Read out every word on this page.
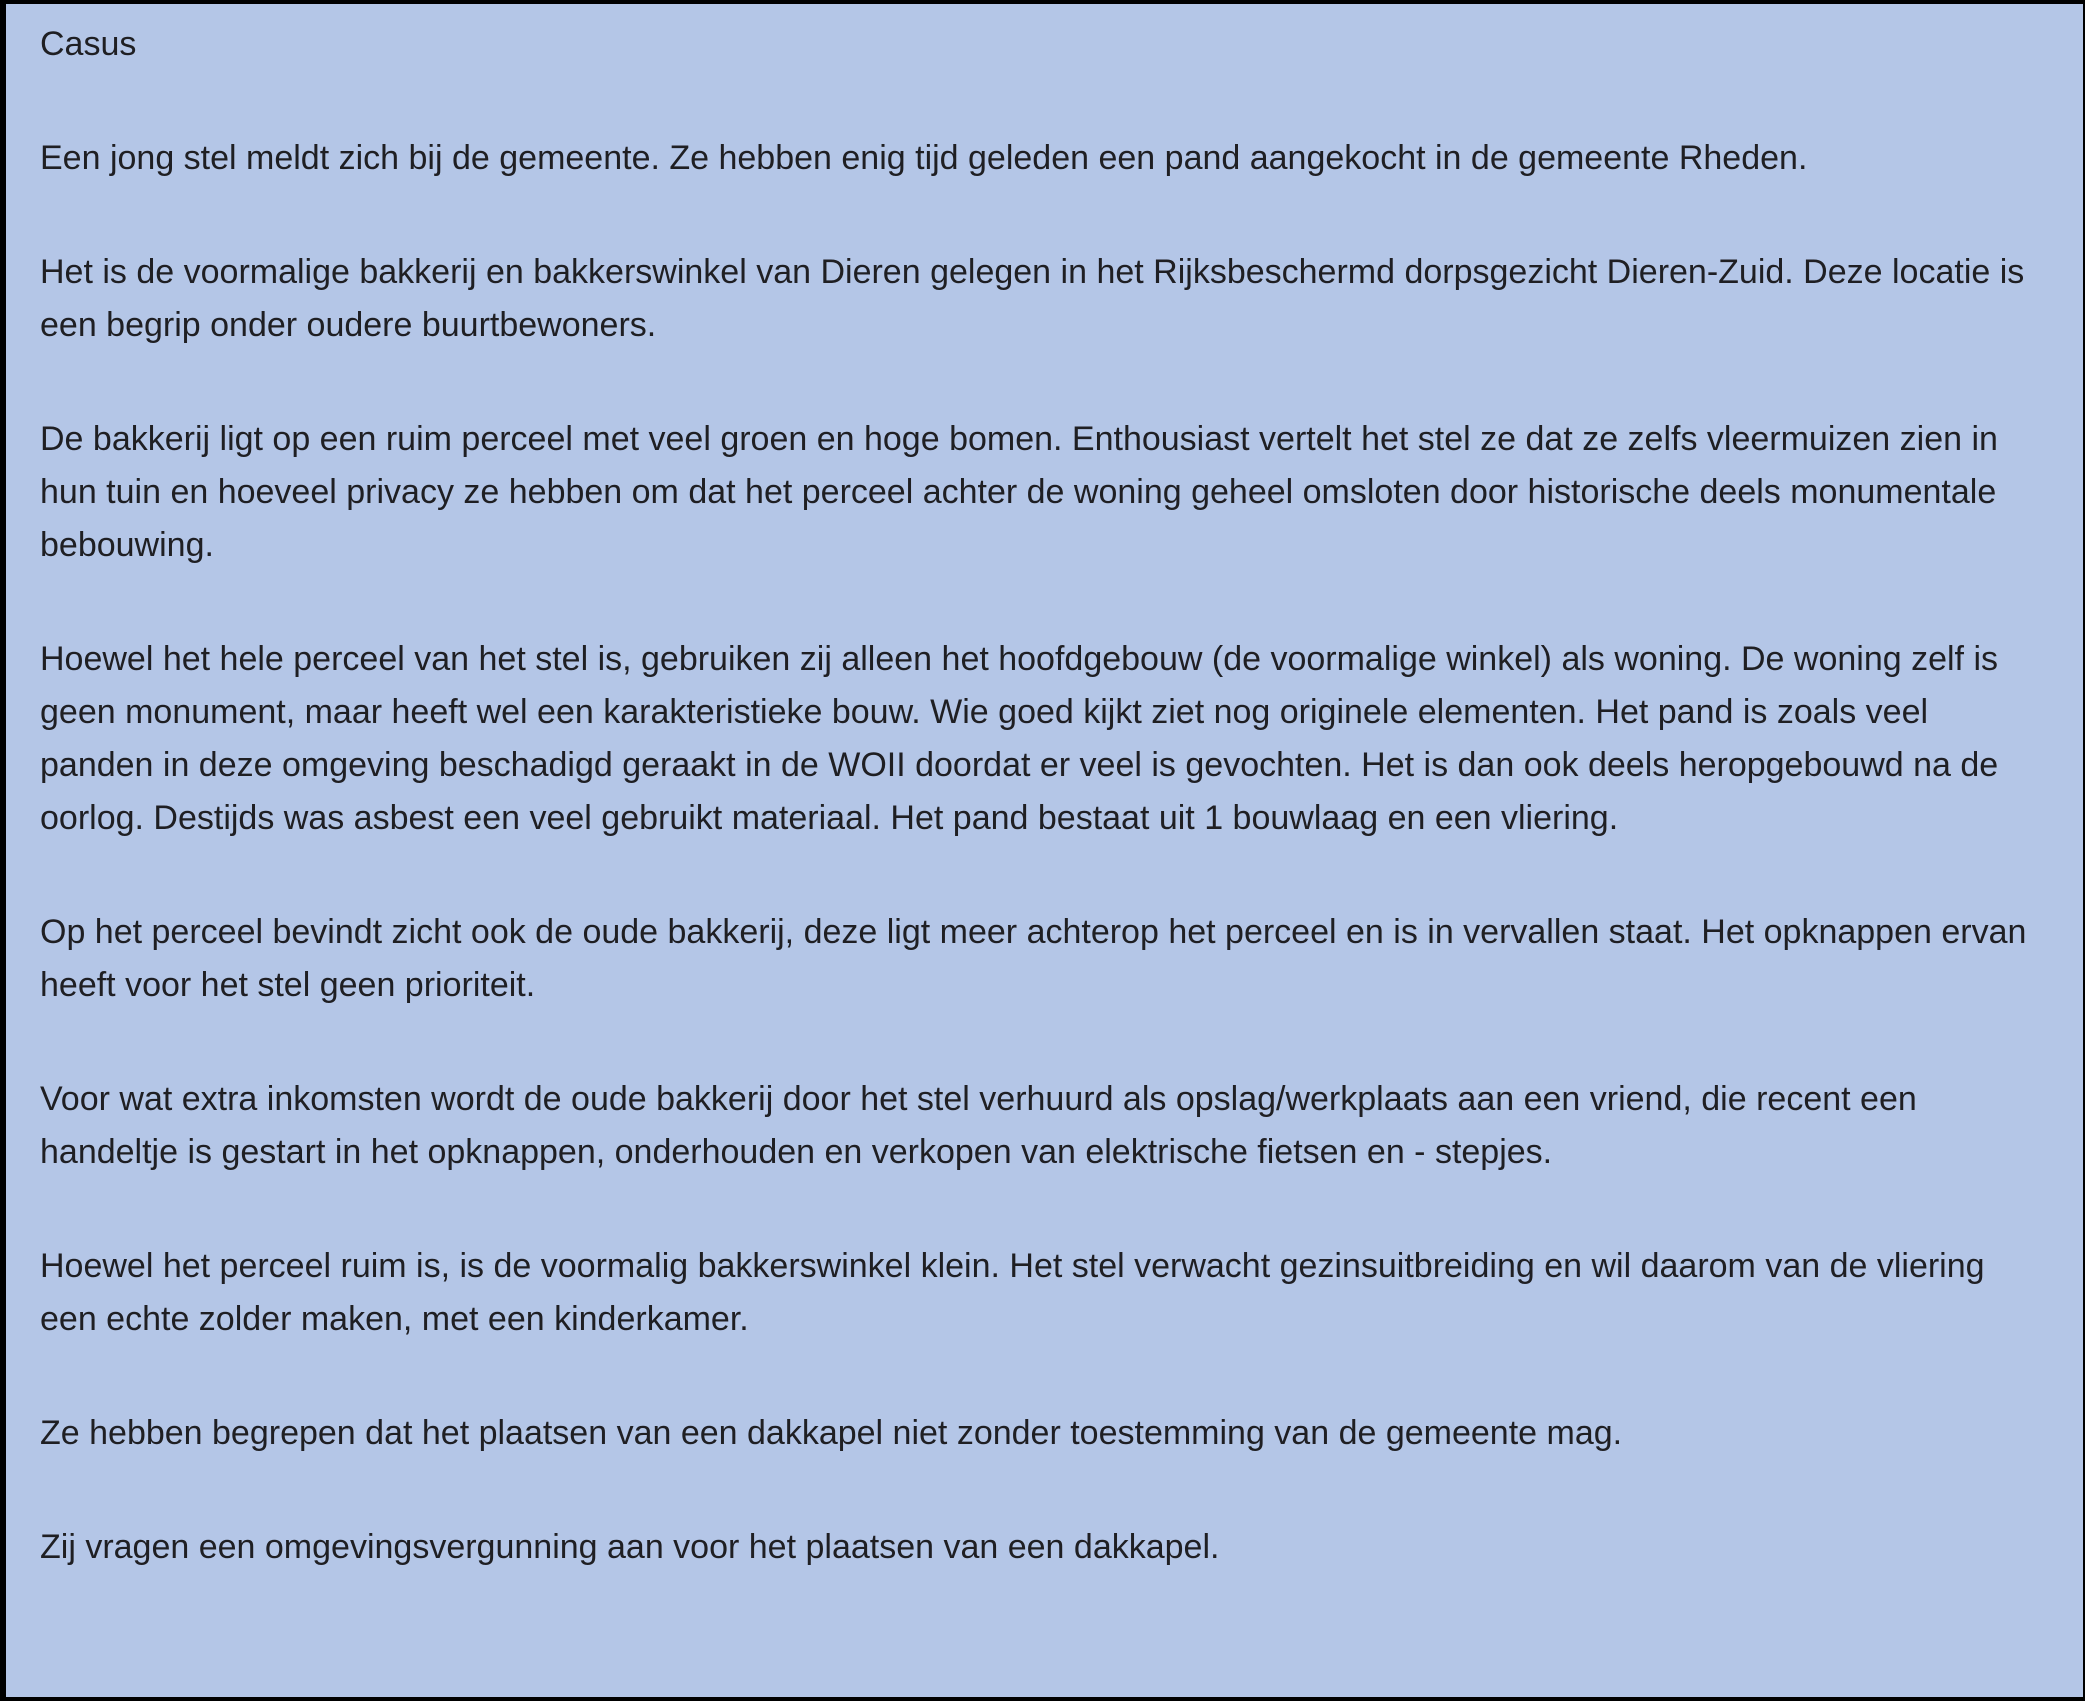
Casus

Een jong stel meldt zich bij de gemeente. Ze hebben enig tijd geleden een pand aangekocht in de gemeente Rheden.

Het is de voormalige bakkerij en bakkerswinkel van Dieren gelegen in het Rijksbeschermd dorpsgezicht Dieren-Zuid. Deze locatie is een begrip onder oudere buurtbewoners.

De bakkerij ligt op een ruim perceel met veel groen en hoge bomen. Enthousiast vertelt het stel ze dat ze zelfs vleermuizen zien in hun tuin en hoeveel privacy ze hebben om dat het perceel achter de woning geheel omsloten door historische deels monumentale bebouwing.

Hoewel het hele perceel van het stel is, gebruiken zij alleen het hoofdgebouw (de voormalige winkel) als woning. De woning zelf is geen monument, maar heeft wel een karakteristieke bouw. Wie goed kijkt ziet nog originele elementen. Het pand is zoals veel panden in deze omgeving beschadigd geraakt in de WOII doordat er veel is gevochten. Het is dan ook deels heropgebouwd na de oorlog. Destijds was asbest een veel gebruikt materiaal. Het pand bestaat uit 1 bouwlaag en een vliering.

Op het perceel bevindt zicht ook de oude bakkerij, deze ligt meer achterop het perceel en is in vervallen staat. Het opknappen ervan heeft voor het stel geen prioriteit.

Voor wat extra inkomsten wordt de oude bakkerij door het stel verhuurd als opslag/werkplaats aan een vriend, die recent een handeltje is gestart in het opknappen, onderhouden en verkopen van elektrische fietsen en - stepjes.

Hoewel het perceel ruim is, is de voormalig bakkerswinkel klein. Het stel verwacht gezinsuitbreiding en wil daarom van de vliering een echte zolder maken, met een kinderkamer.

Ze hebben begrepen dat het plaatsen van een dakkapel niet zonder toestemming van de gemeente mag.

Zij vragen een omgevingsvergunning aan voor het plaatsen van een dakkapel.
